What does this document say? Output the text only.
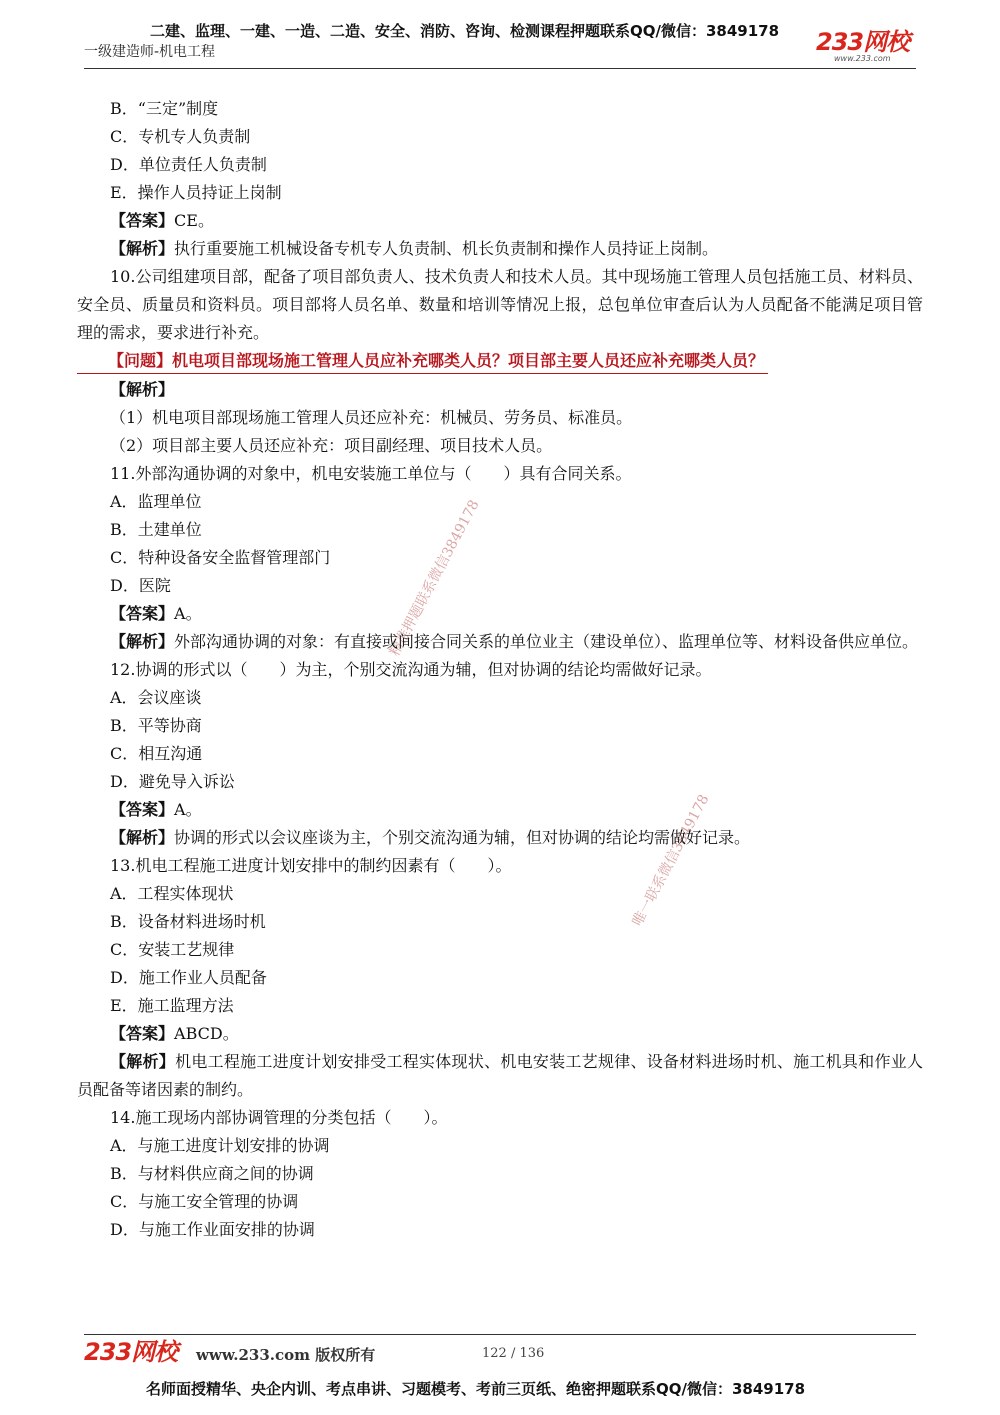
二建、监理、一建、一造、二造、安全、消防、咨询、检测课程押题联系QQ/微信：3849178
一级建造师-机电工程	233网校
www.233.com
精准押题联系微信3849178
唯一联系微信3849178
B．“三定”制度
C．专机专人负责制
D．单位责任人负责制
E．操作人员持证上岗制
【答案】CE。
【解析】执行重要施工机械设备专机专人负责制、机长负责制和操作人员持证上岗制。
10.公司组建项目部，配备了项目部负责人、技术负责人和技术人员。其中现场施工管理人员包括施工员、材料员、安全员、质量员和资料员。项目部将人员名单、数量和培训等情况上报，总包单位审查后认为人员配备不能满足项目管理的需求，要求进行补充。
【问题】机电项目部现场施工管理人员应补充哪类人员？项目部主要人员还应补充哪类人员？
【解析】
（1）机电项目部现场施工管理人员还应补充：机械员、劳务员、标准员。
（2）项目部主要人员还应补充：项目副经理、项目技术人员。
11.外部沟通协调的对象中，机电安装施工单位与（　　）具有合同关系。
A．监理单位
B．土建单位
C．特种设备安全监督管理部门
D．医院
【答案】A。
【解析】外部沟通协调的对象：有直接或间接合同关系的单位业主（建设单位）、监理单位等、材料设备供应单位。
12.协调的形式以（　　）为主，个别交流沟通为辅，但对协调的结论均需做好记录。
A．会议座谈
B．平等协商
C．相互沟通
D．避免导入诉讼
【答案】A。
【解析】协调的形式以会议座谈为主，个别交流沟通为辅，但对协调的结论均需做好记录。
13.机电工程施工进度计划安排中的制约因素有（　　）。
A．工程实体现状
B．设备材料进场时机
C．安装工艺规律
D．施工作业人员配备
E．施工监理方法
【答案】ABCD。
【解析】机电工程施工进度计划安排受工程实体现状、机电安装工艺规律、设备材料进场时机、施工机具和作业人员配备等诸因素的制约。
14.施工现场内部协调管理的分类包括（　　）。
A．与施工进度计划安排的协调
B．与材料供应商之间的协调
C．与施工安全管理的协调
D．与施工作业面安排的协调
233网校 www.233.com 版权所有	122 / 136
名师面授精华、央企内训、考点串讲、习题模考、考前三页纸、绝密押题联系QQ/微信：3849178
